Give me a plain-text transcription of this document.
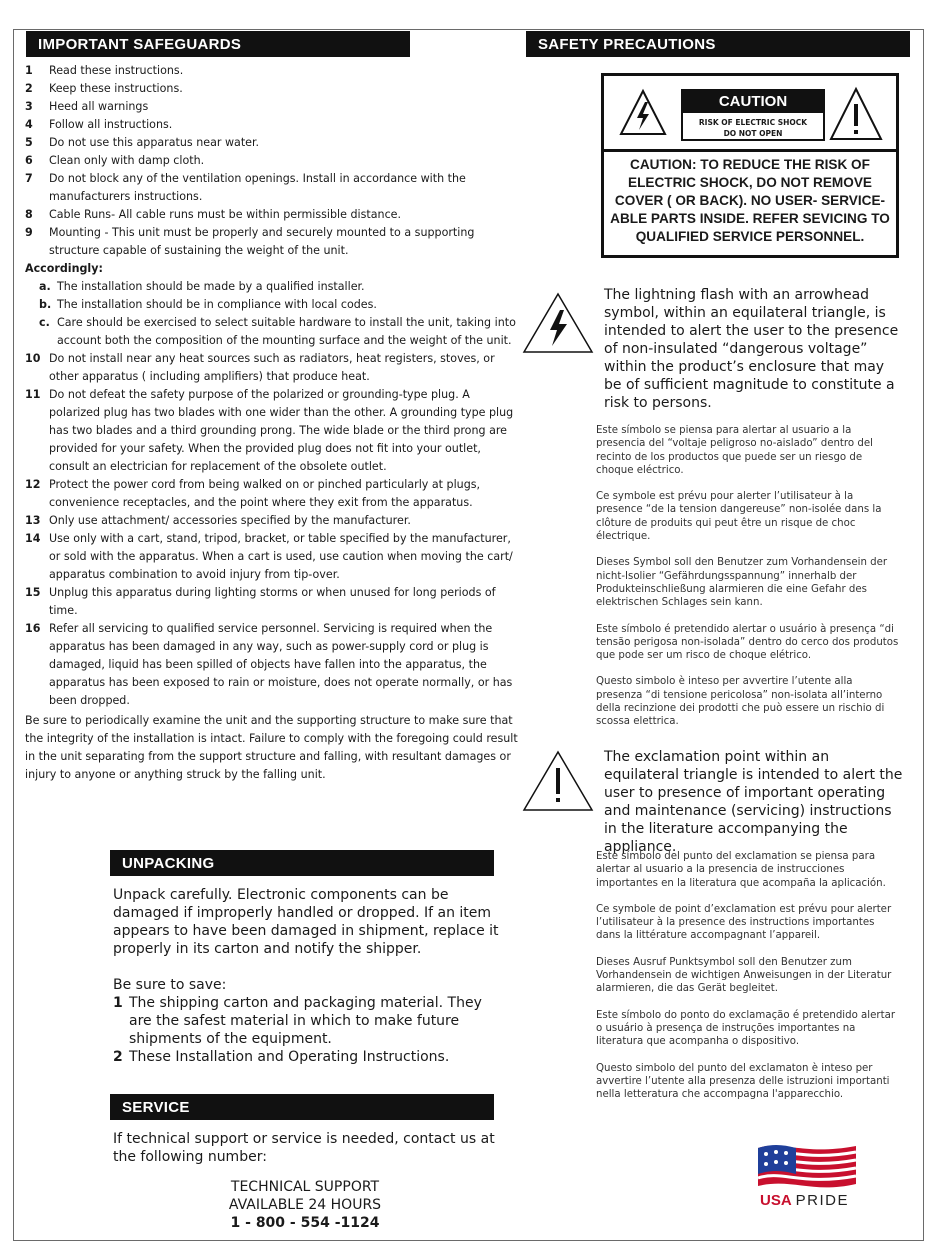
IMPORTANT SAFEGUARDS	SAFETY PRECAUTIONS
1	Read these instructions.
2	Keep these instructions.
3	Heed all warnings
4	Follow all instructions.
5	Do not use this apparatus near water.
6	Clean only with damp cloth.
7	Do not block any of the ventilation openings. Install in accordance with the manufacturers instructions.
8	Cable Runs- All cable runs must be within permissible distance.
9	Mounting - This unit must be properly and securely mounted to a supporting structure capable of sustaining the weight of the unit.
Accordingly:
a. The installation should be made by a qualified installer.
b. The installation should be in compliance with local codes.
c. Care should be exercised to select suitable hardware to install the unit, taking into account both the composition of the mounting surface and the weight of the unit.
10 Do not install near any heat sources such as radiators, heat registers, stoves, or other apparatus ( including amplifiers) that produce heat.
11 Do not defeat the safety purpose of the polarized or grounding-type plug. A polarized plug has two blades with one wider than the other. A grounding type plug has two blades and a third grounding prong. The wide blade or the third prong are provided for your safety. When the provided plug does not fit into your outlet, consult an electrician for replacement of the obsolete outlet.
12 Protect the power cord from being walked on or pinched particularly at plugs, convenience receptacles, and the point where they exit from the apparatus.
13 Only use attachment/ accessories specified by the manufacturer.
14 Use only with a cart, stand, tripod, bracket, or table specified by the manufacturer, or sold with the apparatus. When a cart is used, use caution when moving the cart/ apparatus combination to avoid injury from tip-over.
15 Unplug this apparatus during lighting storms or when unused for long periods of time.
16 Refer all servicing to qualified service personnel. Servicing is required when the apparatus has been damaged in any way, such as power-supply cord or plug is damaged, liquid has been spilled of objects have fallen into the apparatus, the apparatus has been exposed to rain or moisture, does not operate normally, or has been dropped.
Be sure to periodically examine the unit and the supporting structure to make sure that the integrity of the installation is intact. Failure to comply with the foregoing could result in the unit separating from the support structure and falling, with resultant damages or injury to anyone or anything struck by the falling unit.
CAUTION
RISK OF ELECTRIC SHOCK
DO NOT OPEN
CAUTION: TO REDUCE THE RISK OF ELECTRIC SHOCK, DO NOT REMOVE COVER ( OR BACK). NO USER- SERVICE-ABLE PARTS INSIDE. REFER SEVICING TO QUALIFIED SERVICE PERSONNEL.
The lightning flash with an arrowhead symbol, within an equilateral triangle, is intended to alert the user to the presence of non-insulated “dangerous voltage” within the product’s enclosure that may be of sufficient magnitude to constitute a risk to persons.

Este símbolo se piensa para alertar al usuario a la presencia del “voltaje peligroso no-aislado” dentro del recinto de los productos que puede ser un riesgo de choque eléctrico.

Ce symbole est prévu pour alerter l’utilisateur à la presence “de la tension dangereuse” non-isolée dans la clôture de produits qui peut être un risque de choc électrique.

Dieses Symbol soll den Benutzer zum Vorhandensein der nicht-Isolier “Gefährdungsspannung” innerhalb der Produkteinschließung alarmieren die eine Gefahr des elektrischen Schlages sein kann.

Este símbolo é pretendido alertar o usuário à presença “di tensão perigosa non-isolada” dentro do cerco dos produtos que pode ser um risco de choque elétrico.

Questo simbolo è inteso per avvertire l’utente alla presenza “di tensione pericolosa” non-isolata all’interno della recinzione dei prodotti che può essere un rischio di scossa elettrica.

The exclamation point within an equilateral triangle is intended to alert the user to presence of important operating and maintenance (servicing) instructions in the literature accompanying the appliance.

Este símbolo del punto del exclamation se piensa para alertar al usuario a la presencia de instrucciones importantes en la literatura que acompaña la aplicación.

Ce symbole de point d’exclamation est prévu pour alerter l’utilisateur à la presence des instructions importantes dans la littérature accompagnant l’appareil.

Dieses Ausruf Punktsymbol soll den Benutzer zum Vorhandensein de wichtigen Anweisungen in der Literatur alarmieren, die das Gerät begleitet.

Este símbolo do ponto do exclamação é pretendido alertar o usuário à presença de instruções importantes na literatura que acompanha o dispositivo.

Questo simbolo del punto del exclamaton è inteso per avvertire l’utente alla presenza delle istruzioni importanti nella letteratura che accompagna l'apparecchio.

UNPACKING
Unpack carefully. Electronic components can be damaged if improperly handled or dropped. If an item appears to have been damaged in shipment, replace it properly in its carton and notify the shipper.
Be sure to save:
1 The shipping carton and packaging material. They are the safest material in which to make future shipments of the equipment.
2 These Installation and Operating Instructions.
SERVICE
If technical support or service is needed, contact us at the following number:
TECHNICAL SUPPORT
AVAILABLE 24 HOURS
1 - 800 - 554 -1124
USA PRIDE
